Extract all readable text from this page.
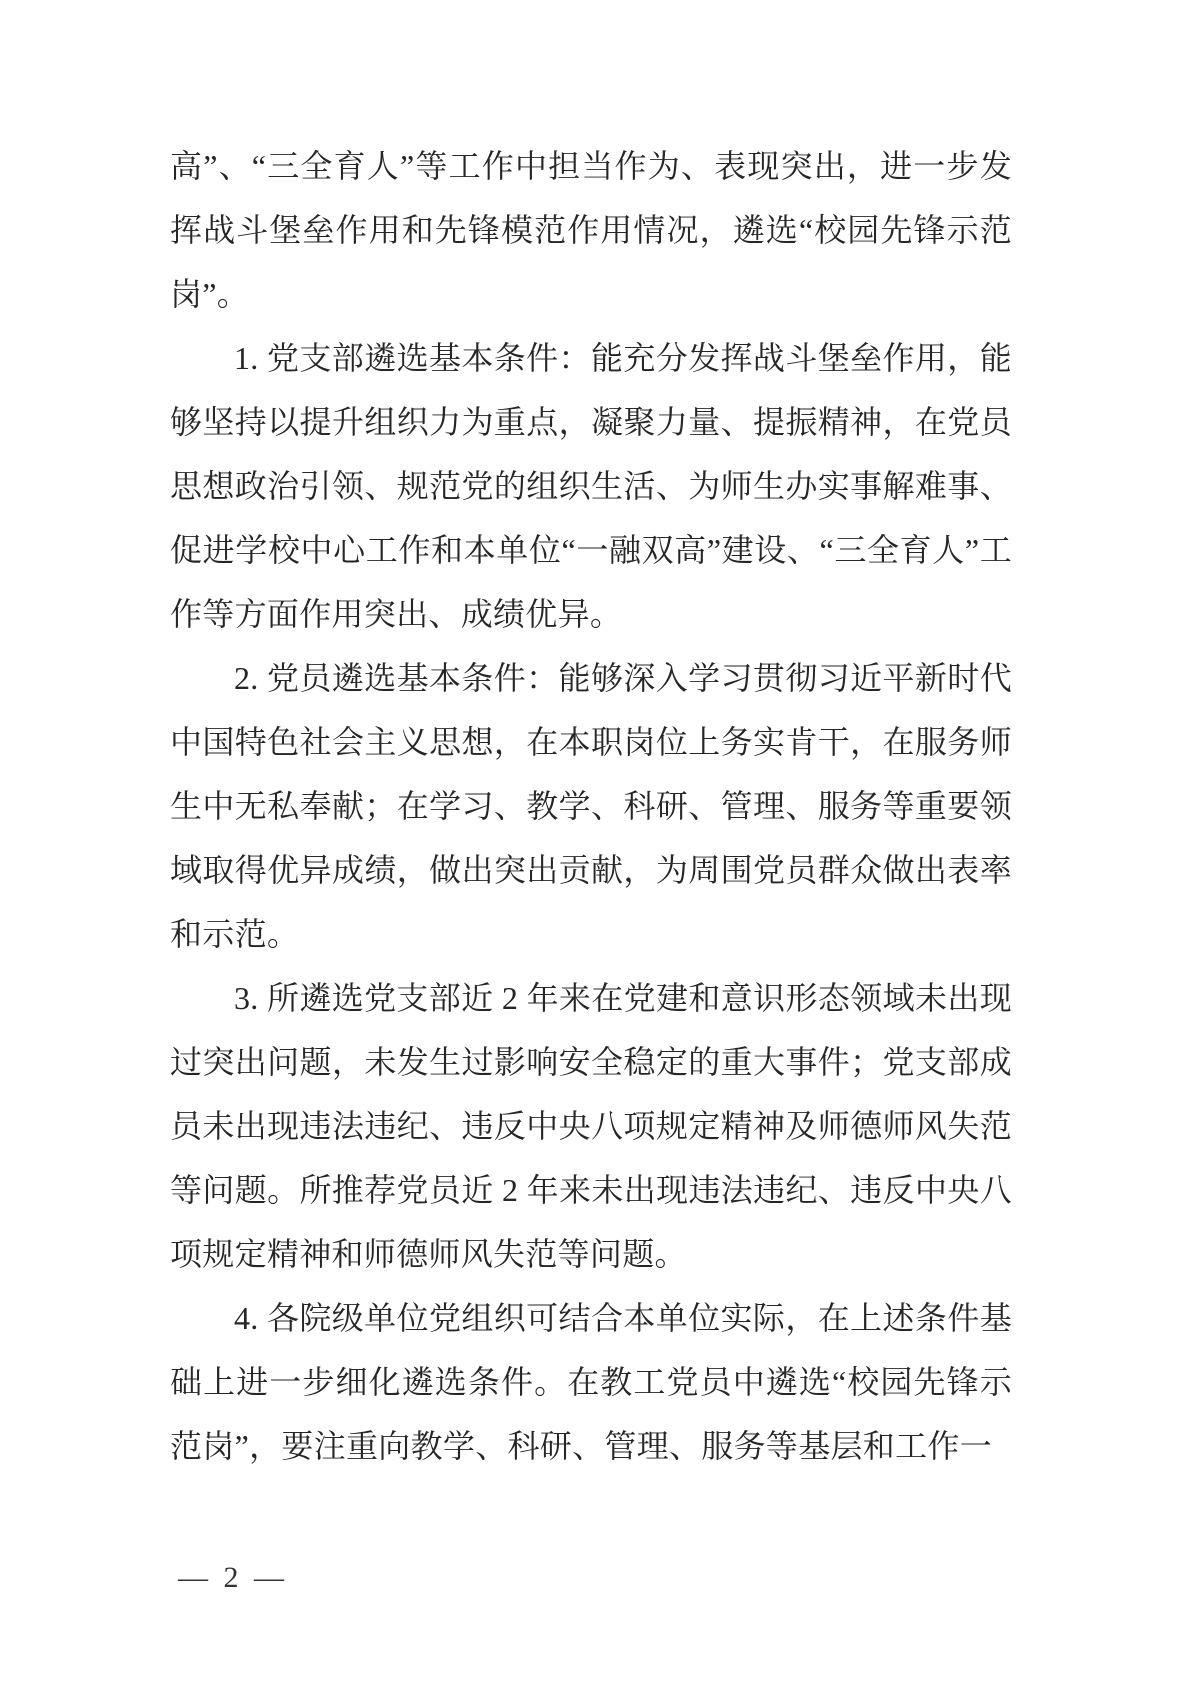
高”、“三全育人”等工作中担当作为、表现突出，进一步发挥战斗堡垒作用和先锋模范作用情况，遴选“校园先锋示范岗”。

1. 党支部遴选基本条件：能充分发挥战斗堡垒作用，能够坚持以提升组织力为重点，凝聚力量、提振精神，在党员思想政治引领、规范党的组织生活、为师生办实事解难事、促进学校中心工作和本单位“一融双高”建设、“三全育人”工作等方面作用突出、成绩优异。

2. 党员遴选基本条件：能够深入学习贯彻习近平新时代中国特色社会主义思想，在本职岗位上务实肯干，在服务师生中无私奉献；在学习、教学、科研、管理、服务等重要领域取得优异成绩，做出突出贡献，为周围党员群众做出表率和示范。

3. 所遴选党支部近 2 年来在党建和意识形态领域未出现过突出问题，未发生过影响安全稳定的重大事件；党支部成员未出现违法违纪、违反中央八项规定精神及师德师风失范等问题。所推荐党员近 2 年来未出现违法违纪、违反中央八项规定精神和师德师风失范等问题。

4. 各院级单位党组织可结合本单位实际，在上述条件基础上进一步细化遴选条件。在教工党员中遴选“校园先锋示范岗”，要注重向教学、科研、管理、服务等基层和工作一

— 2 —
